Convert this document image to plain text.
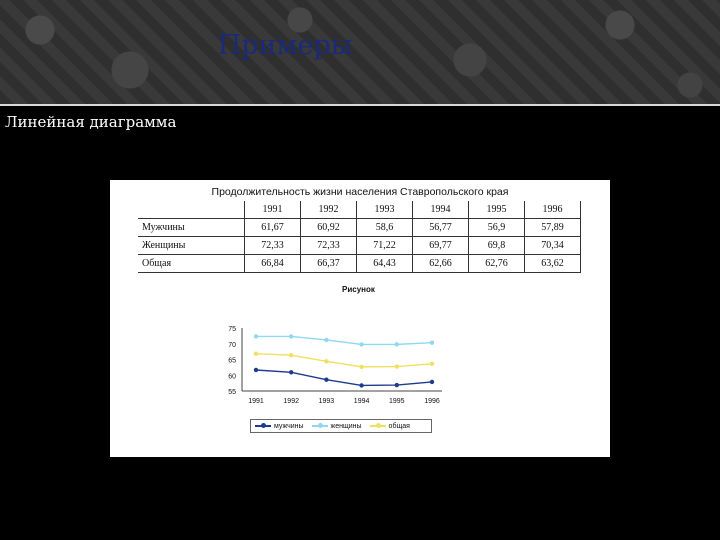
Примеры
Линейная диаграмма
Продолжительность жизни населения Ставропольского края
	1991	1992	1993	1994	1995	1996
Мужчины	61,67	60,92	58,6	56,77	56,9	57,89
Женщины	72,33	72,33	71,22	69,77	69,8	70,34
Общая	66,84	66,37	64,43	62,66	62,76	63,62
Рисунок
55
60
65
70
75
1991	1992	1993	1994	1995	1996
мужчины	женщины	общая
